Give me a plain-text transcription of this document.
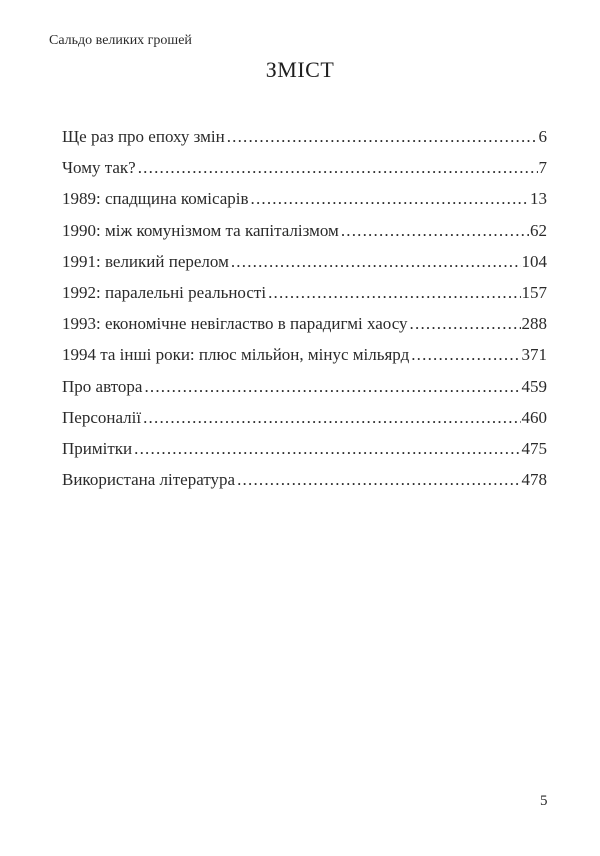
Сальдо великих грошей
ЗМІСТ
Ще раз про епоху змін .....	6
Чому так? .....	7
1989: спадщина комісарів .....	13
1990: між комунізмом та капіталізмом .....	62
1991: великий перелом .....	104
1992: паралельні реальності .....	157
1993: економічне невігластво в парадигмі хаосу .....	288
1994 та інші роки: плюс мільйон, мінус мільярд .....	371
Про автора .....	459
Персоналії .....	460
Примітки .....	475
Використана література .....	478
5
